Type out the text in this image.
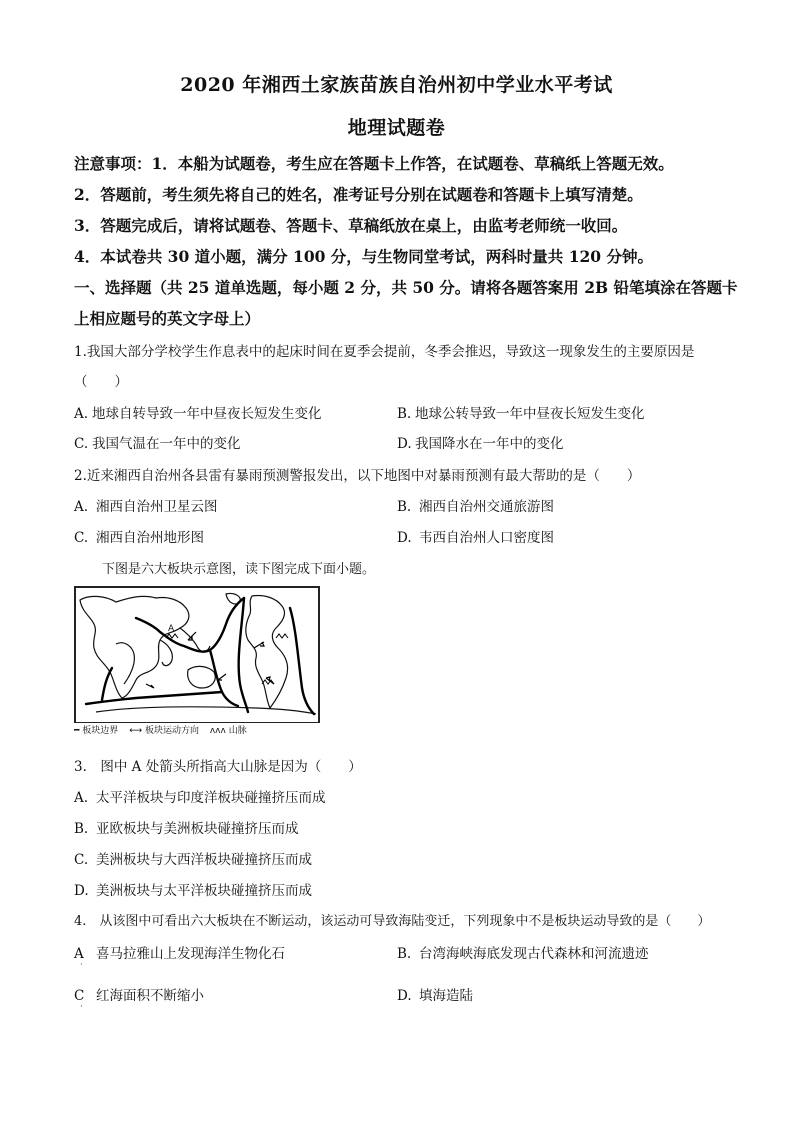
2020 年湘西土家族苗族自治州初中学业水平考试
地理试题卷
注意事项：1．本船为试题卷，考生应在答题卡上作答，在试题卷、草稿纸上答题无效。
2．答题前，考生须先将自己的姓名，准考证号分别在试题卷和答题卡上填写清楚。
3．答题完成后，请将试题卷、答题卡、草稿纸放在桌上，由监考老师统一收回。
4．本试卷共 30 道小题，满分 100 分，与生物同堂考试，两科时量共 120 分钟。
一、选择题（共 25 道单选题，每小题 2 分，共 50 分。请将各题答案用 2B 铅笔填涂在答题卡
上相应题号的英文字母上）
1.我国大部分学校学生作息表中的起床时间在夏季会提前，冬季会推迟，导致这一现象发生的主要原因是
（　　）
A. 地球自转导致一年中昼夜长短发生变化	B. 地球公转导致一年中昼夜长短发生变化
C. 我国气温在一年中的变化	D. 我国降水在一年中的变化
2.近来湘西自治州各县雷有暴雨预测警报发出，以下地图中对暴雨预测有最大帮助的是（　　）
A. 湘西自治州卫星云图	B. 湘西自治州交通旅游图
C. 湘西自治州地形图	D. 韦西自治州人口密度图
下图是六大板块示意图，读下图完成下面小题。
A
━ 板块边界 ⟷ 板块运动方向 ᴧᴧᴧ 山脉
3.　图中 A 处箭头所指高大山脉是因为（　　）
A. 太平洋板块与印度洋板块碰撞挤压而成
B. 亚欧板块与美洲板块碰撞挤压而成
C. 美洲板块与大西洋板块碰撞挤压而成
D. 美洲板块与太平洋板块碰撞挤压而成
4.　从该图中可看出六大板块在不断运动，该运动可导致海陆变迁，下列现象中不是板块运动导致的是（　　）
A 喜马拉雅山上发现海洋生物化石	B. 台湾海峡海底发现古代森林和河流遗迹
·
C 红海面积不断缩小	D. 填海造陆
·
